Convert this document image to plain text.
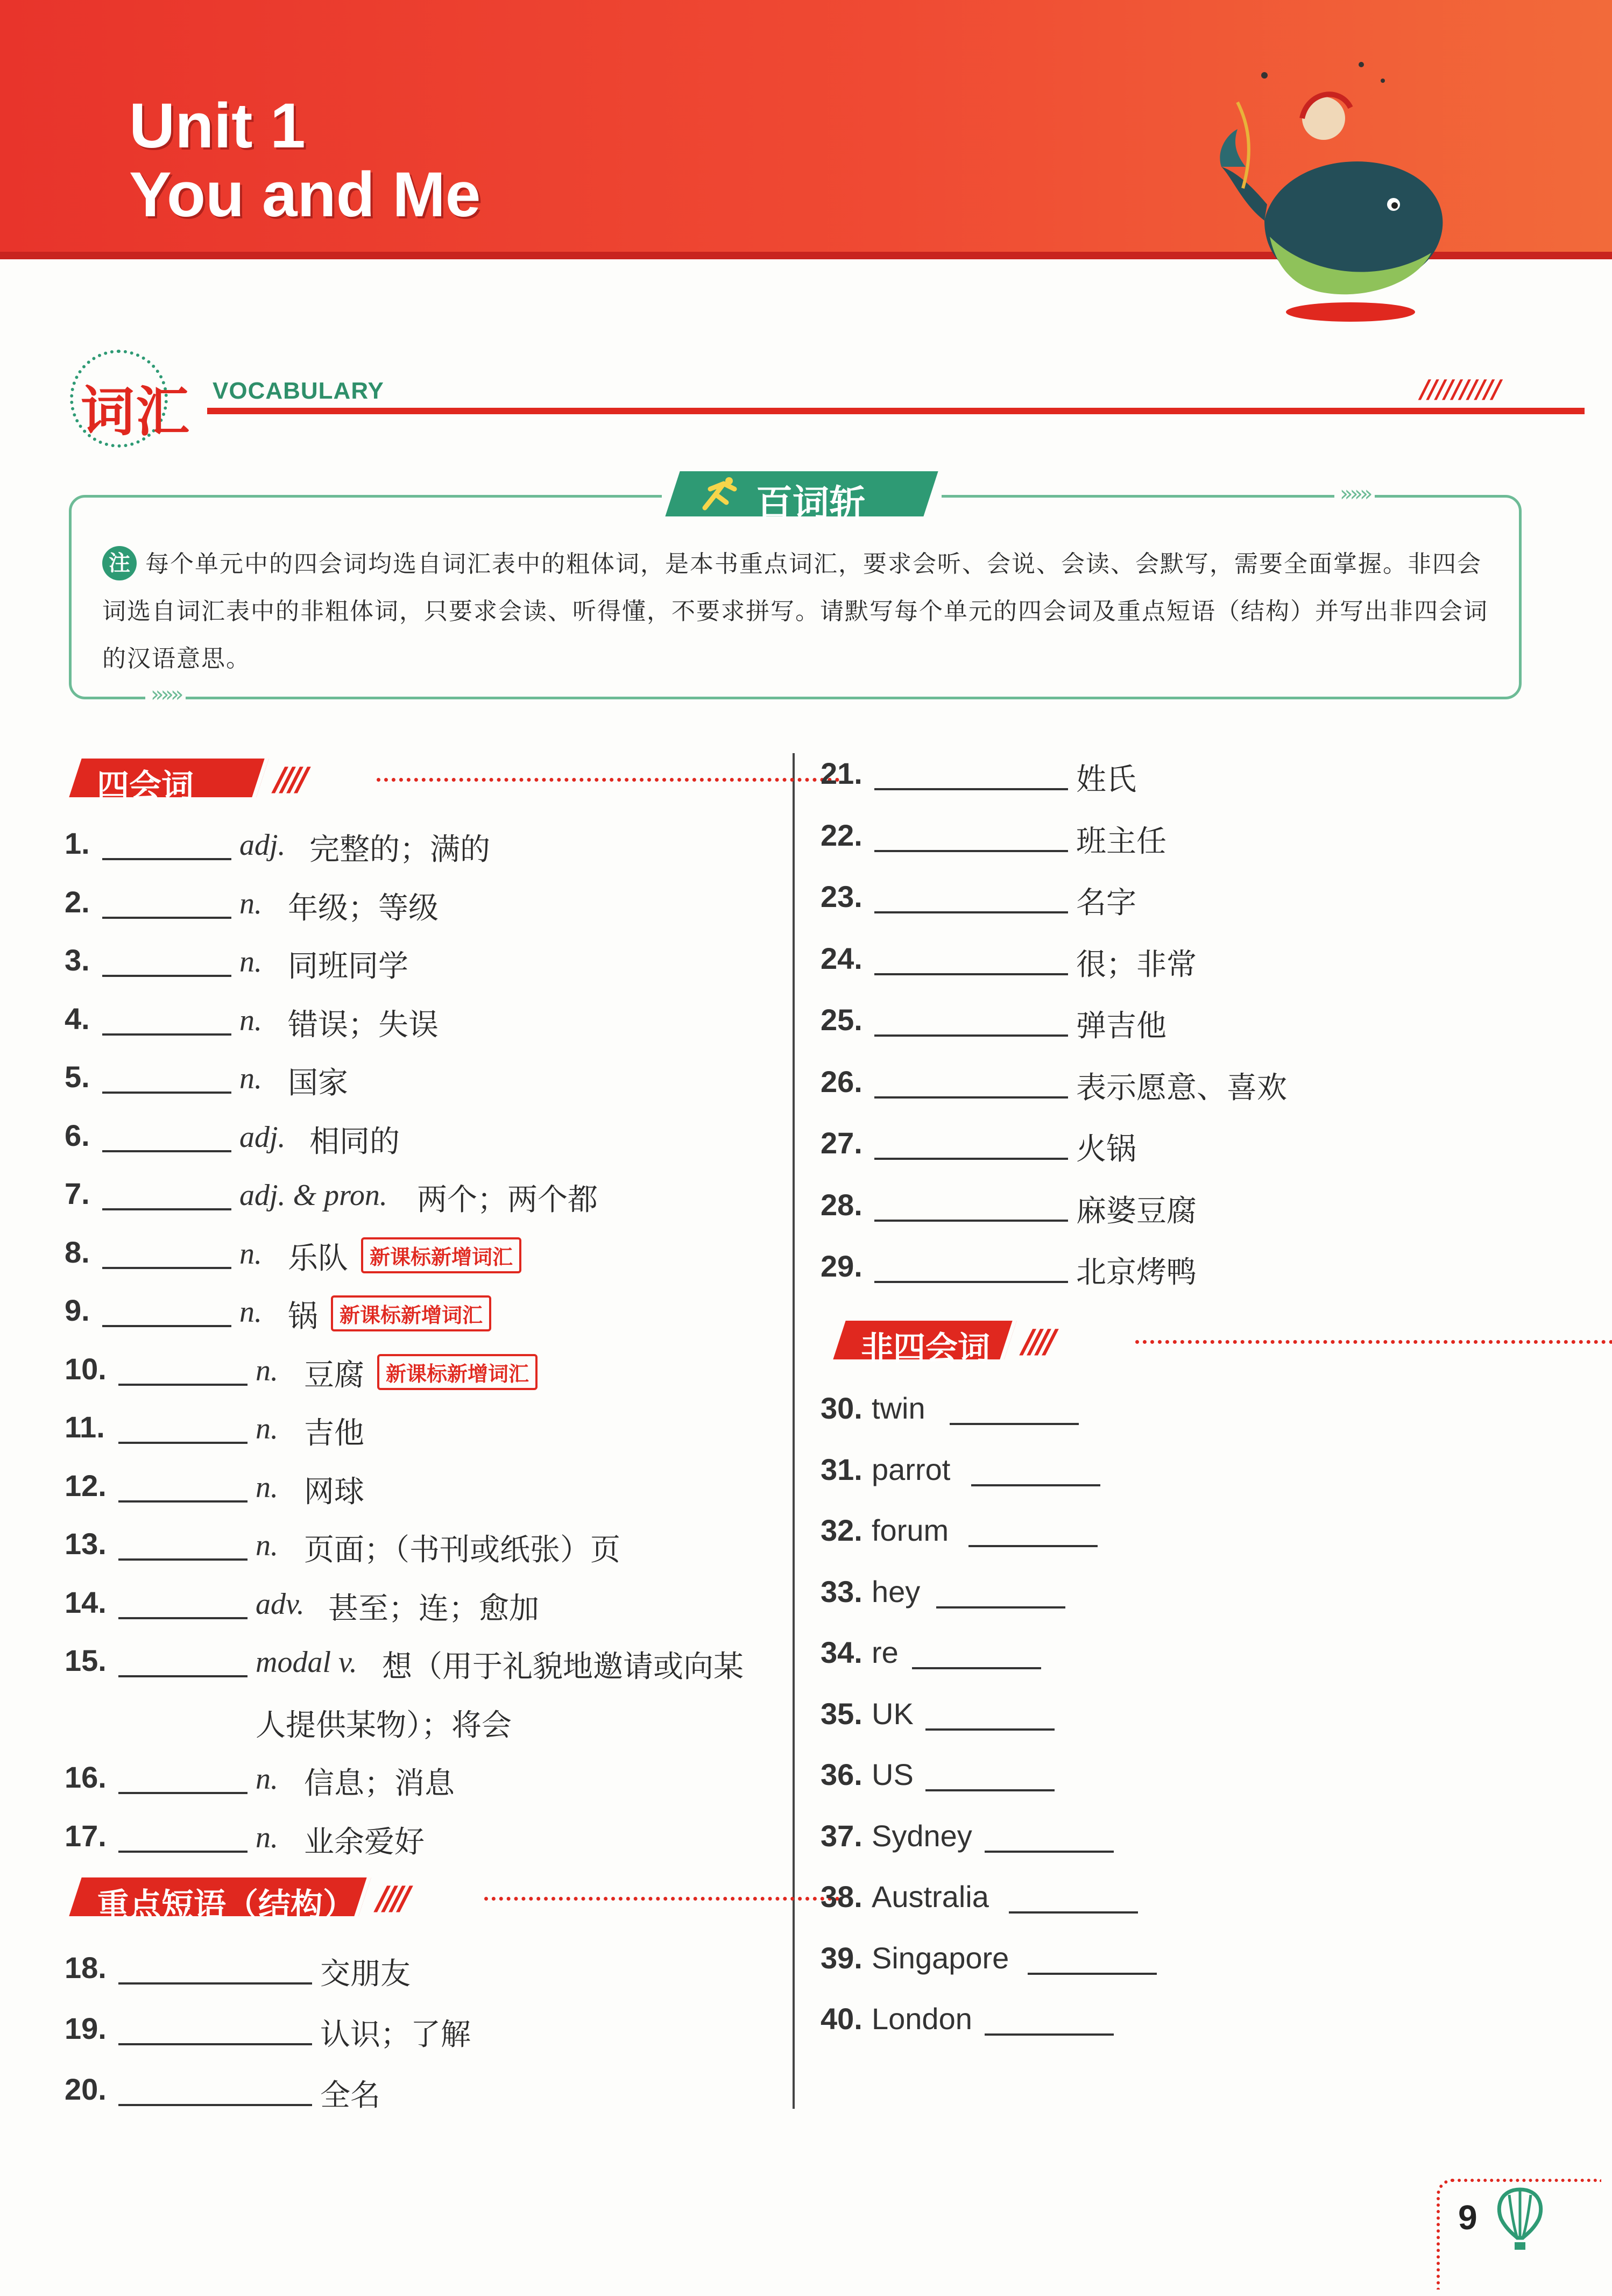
Unit 1
You and Me
词汇 VOCABULARY	//////////
百词斩	»»»
»»»
每个单元中的四会词均选自词汇表中的粗体词，是本书重点词汇，要求会听、会说、会读、会默写，需要全面掌握。非四会词选自词汇表中的非粗体词，只要求会读、听得懂，不要求拼写。请默写每个单元的四会词及重点短语（结构）并写出非四会词的汉语意思。
注
四会词	////
1.	adj. 完整的；满的
2.	n. 年级；等级
3.	n. 同班同学
4.	n. 错误；失误
5.	n. 国家
6.	adj. 相同的
7.	adj. & pron. 两个；两个都
8.	n. 乐队 新课标新增词汇
9.	n. 锅 新课标新增词汇
10.	n. 豆腐 新课标新增词汇
11.	n. 吉他
12.	n. 网球
13.	n. 页面；（书刊或纸张）页
14.	adv. 甚至；连；愈加
15.	modal v. 想（用于礼貌地邀请或向某
人提供某物）；将会
16.	n. 信息；消息
17.	n. 业余爱好
重点短语（结构） ////
18.	交朋友
19.	认识；了解
20.	全名
21.	姓氏
22.	班主任
23.	名字
24.	很；非常
25.	弹吉他
26.	表示愿意、喜欢
27.	火锅
28.	麻婆豆腐
29.	北京烤鸭
非四会词 ////
30. twin
31. parrot
32. forum
33. hey
34. re
35. UK
36. US
37. Sydney
38. Australia
39. Singapore
40. London
9
